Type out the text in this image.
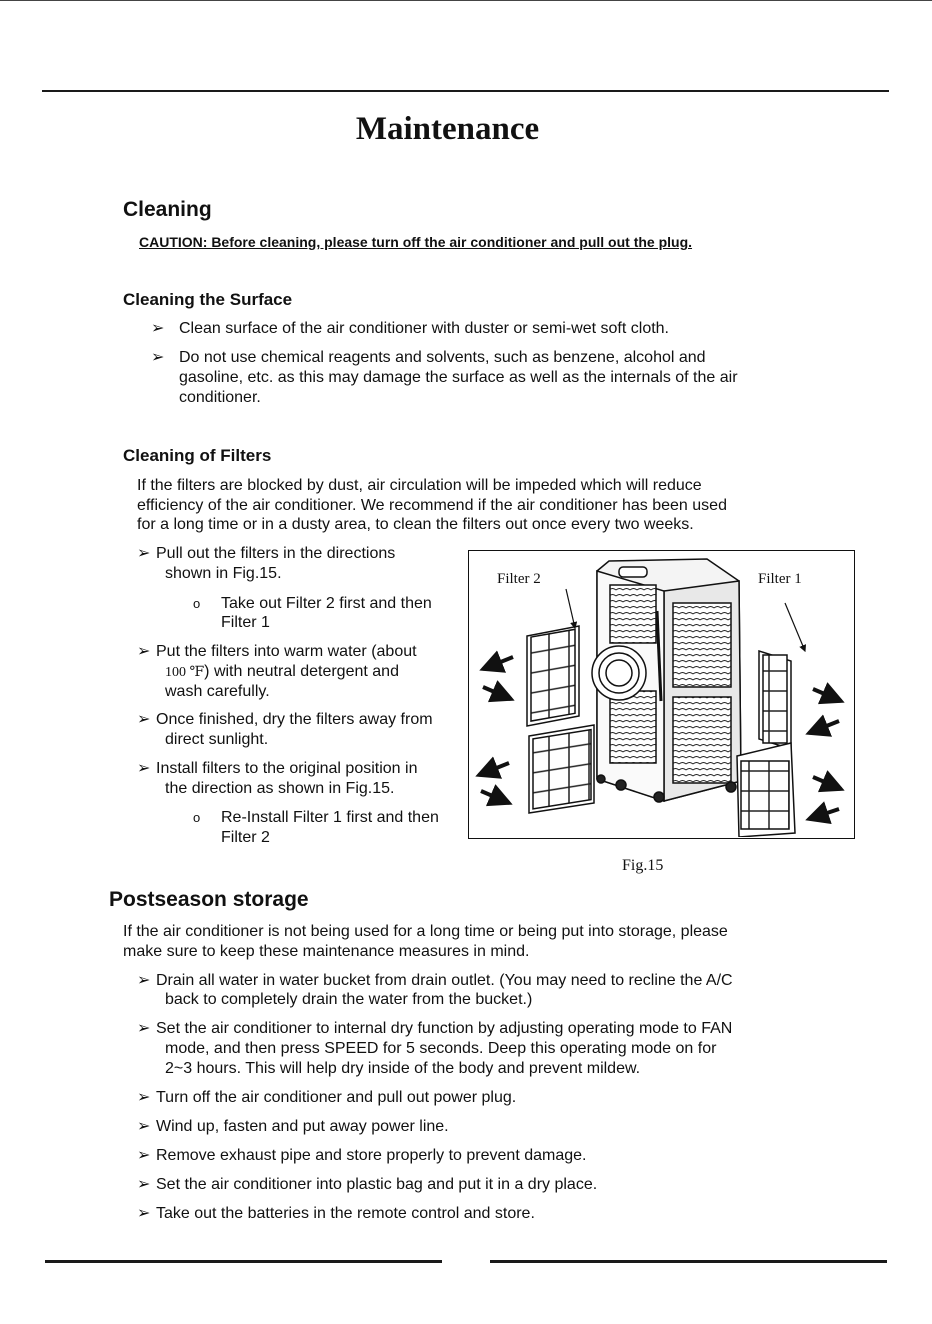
Maintenance
Cleaning
CAUTION: Before cleaning, please turn off the air conditioner and pull out the plug.
Cleaning the Surface
➢ Clean surface of the air conditioner with duster or semi-wet soft cloth.
➢ Do not use chemical reagents and solvents, such as benzene, alcohol and
gasoline, etc. as this may damage the surface as well as the internals of the air
conditioner.
Cleaning of Filters
If the filters are blocked by dust, air circulation will be impeded which will reduce
efficiency of the air conditioner. We recommend if the air conditioner has been used
for a long time or in a dusty area, to clean the filters out once every two weeks.
➢ Pull out the filters in the directions
shown in Fig.15.
o Take out Filter 2 first and then
Filter 1
➢ Put the filters into warm water (about
100 ℉) with neutral detergent and
wash carefully.
➢ Once finished, dry the filters away from
direct sunlight.
➢ Install filters to the original position in
the direction as shown in Fig.15.
o Re-Install Filter 1 first and then
Filter 2
Filter 2	Filter 1
Fig.15
Postseason storage
If the air conditioner is not being used for a long time or being put into storage, please
make sure to keep these maintenance measures in mind.
➢ Drain all water in water bucket from drain outlet. (You may need to recline the A/C
back to completely drain the water from the bucket.)
➢ Set the air conditioner to internal dry function by adjusting operating mode to FAN
mode, and then press SPEED for 5 seconds. Deep this operating mode on for
2~3 hours. This will help dry inside of the body and prevent mildew.
➢ Turn off the air conditioner and pull out power plug.
➢ Wind up, fasten and put away power line.
➢ Remove exhaust pipe and store properly to prevent damage.
➢ Set the air conditioner into plastic bag and put it in a dry place.
➢ Take out the batteries in the remote control and store.
